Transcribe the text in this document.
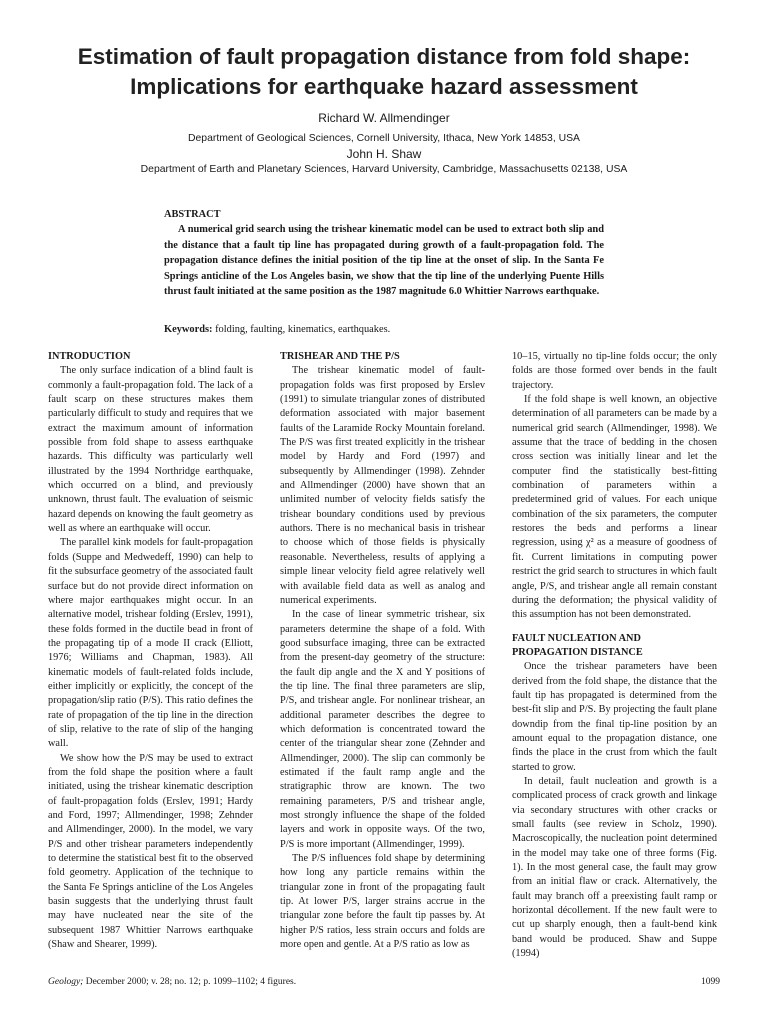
Estimation of fault propagation distance from fold shape:
Implications for earthquake hazard assessment
Richard W. Allmendinger
Department of Geological Sciences, Cornell University, Ithaca, New York 14853, USA
John H. Shaw
Department of Earth and Planetary Sciences, Harvard University, Cambridge, Massachusetts 02138, USA
ABSTRACT
A numerical grid search using the trishear kinematic model can be used to extract both slip and the distance that a fault tip line has propagated during growth of a fault-propagation fold. The propagation distance defines the initial position of the tip line at the onset of slip. In the Santa Fe Springs anticline of the Los Angeles basin, we show that the tip line of the underlying Puente Hills thrust fault initiated at the same position as the 1987 magnitude 6.0 Whittier Narrows earthquake.

Keywords: folding, faulting, kinematics, earthquakes.

INTRODUCTION

The only surface indication of a blind fault is commonly a fault-propagation fold. The lack of a fault scarp on these structures makes them particularly difficult to study and requires that we extract the maximum amount of information possible from fold shape to assess earthquake hazards. This difficulty was particularly well illustrated by the 1994 Northridge earthquake, which occurred on a blind, and previously unknown, thrust fault. The evaluation of seismic hazard depends on knowing the fault geometry as well as where an earthquake will occur.

The parallel kink models for fault-propagation folds (Suppe and Medwedeff, 1990) can help to fit the subsurface geometry of the associated fault surface but do not provide direct information on where major earthquakes might occur. In an alternative model, trishear folding (Erslev, 1991), these folds formed in the ductile bead in front of the propagating tip of a mode II crack (Elliott, 1976; Williams and Chapman, 1983). All kinematic models of fault-related folds include, either implicitly or explicitly, the concept of the propagation/slip ratio (P/S). This ratio defines the rate of propagation of the tip line in the direction of slip, relative to the rate of slip of the hanging wall.

We show how the P/S may be used to extract from the fold shape the position where a fault initiated, using the trishear kinematic description of fault-propagation folds (Erslev, 1991; Hardy and Ford, 1997; Allmendinger, 1998; Zehnder and Allmendinger, 2000). In the model, we vary P/S and other trishear parameters independently to determine the statistical best fit to the observed fold geometry. Application of the technique to the Santa Fe Springs anticline of the Los Angeles basin suggests that the underlying thrust fault may have nucleated near the site of the subsequent 1987 Whittier Narrows earthquake (Shaw and Shearer, 1999).

TRISHEAR AND THE P/S

The trishear kinematic model of fault-propagation folds was first proposed by Erslev (1991) to simulate triangular zones of distributed deformation associated with major basement faults of the Laramide Rocky Mountain foreland. The P/S was first treated explicitly in the trishear model by Hardy and Ford (1997) and subsequently by Allmendinger (1998). Zehnder and Allmendinger (2000) have shown that an unlimited number of velocity fields satisfy the trishear boundary conditions used by previous authors. There is no mechanical basis in trishear to choose which of those fields is physically reasonable. Nevertheless, results of applying a simple linear velocity field agree relatively well with available field data as well as analog and numerical experiments.

In the case of linear symmetric trishear, six parameters determine the shape of a fold. With good subsurface imaging, three can be extracted from the present-day geometry of the structure: the fault dip angle and the X and Y positions of the tip line. The final three parameters are slip, P/S, and trishear angle. For nonlinear trishear, an additional parameter describes the degree to which deformation is concentrated toward the center of the triangular shear zone (Zehnder and Allmendinger, 2000). The slip can commonly be estimated if the fault ramp angle and the stratigraphic throw are known. The two remaining parameters, P/S and trishear angle, most strongly influence the shape of the folded layers and work in opposite ways. Of the two, P/S is more important (Allmendinger, 1999).

The P/S influences fold shape by determining how long any particle remains within the triangular zone in front of the propagating fault tip. At lower P/S, larger strains accrue in the triangular zone before the fault tip passes by. At higher P/S ratios, less strain occurs and folds are more open and gentle. At a P/S ratio as low as

10–15, virtually no tip-line folds occur; the only folds are those formed over bends in the fault trajectory.

If the fold shape is well known, an objective determination of all parameters can be made by a numerical grid search (Allmendinger, 1998). We assume that the trace of bedding in the chosen cross section was initially linear and let the computer find the statistically best-fitting combination of parameters within a predetermined grid of values. For each unique combination of the six parameters, the computer restores the beds and performs a linear regression, using χ² as a measure of goodness of fit. Current limitations in computing power restrict the grid search to structures in which fault angle, P/S, and trishear angle all remain constant during the deformation; the physical validity of this assumption has not been demonstrated.

FAULT NUCLEATION AND
PROPAGATION DISTANCE

Once the trishear parameters have been derived from the fold shape, the distance that the fault tip has propagated is determined from the best-fit slip and P/S. By projecting the fault plane downdip from the final tip-line position by an amount equal to the propagation distance, one finds the place in the crust from which the fault started to grow.

In detail, fault nucleation and growth is a complicated process of crack growth and linkage via secondary structures with other cracks or small faults (see review in Scholz, 1990). Macroscopically, the nucleation point determined in the model may take one of three forms (Fig. 1). In the most general case, the fault may grow from an initial flaw or crack. Alternatively, the fault may branch off a preexisting fault ramp or horizontal décollement. If the new fault were to cut up sharply enough, then a fault-bend kink band would be produced. Shaw and Suppe (1994)

Geology; December 2000; v. 28; no. 12; p. 1099–1102; 4 figures.	1099
